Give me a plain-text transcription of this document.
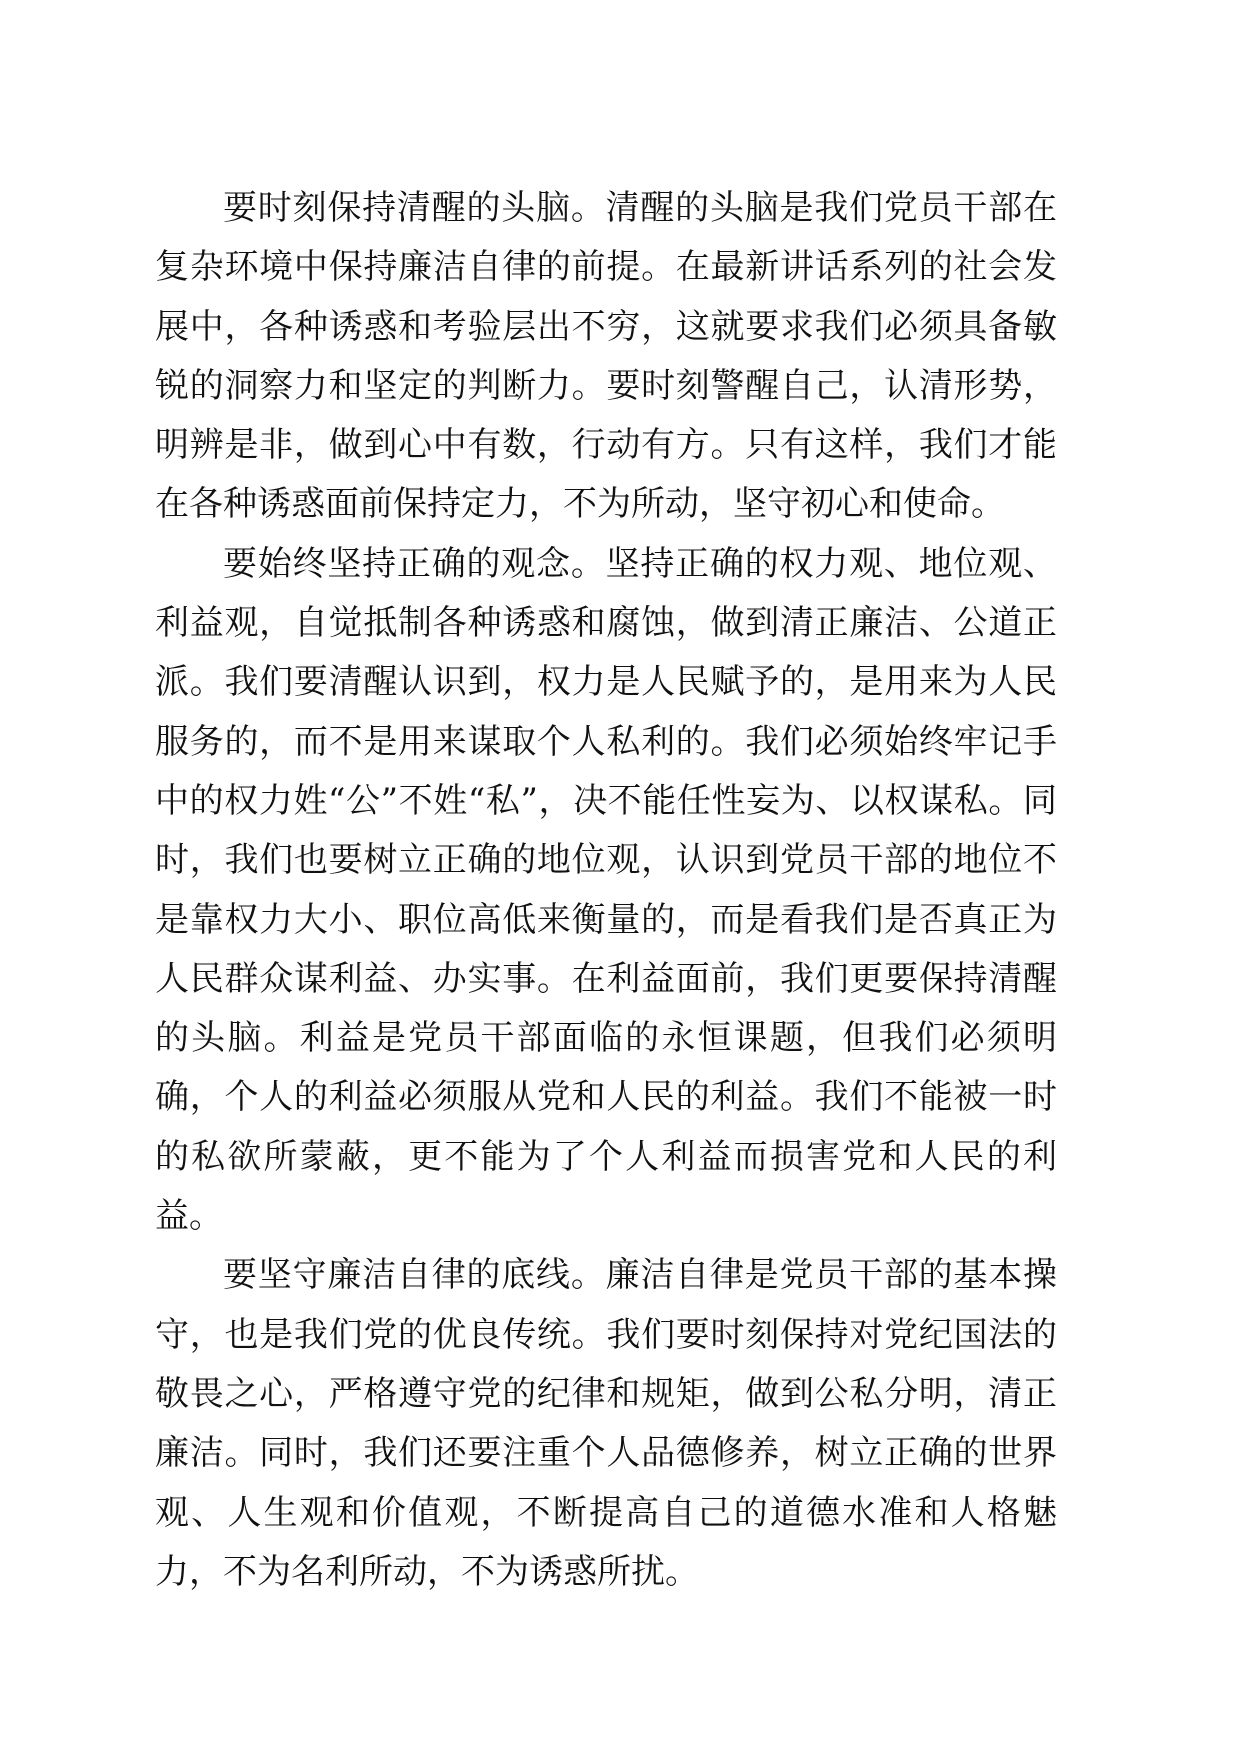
要时刻保持清醒的头脑。清醒的头脑是我们党员干部在复杂环境中保持廉洁自律的前提。在最新讲话系列的社会发展中，各种诱惑和考验层出不穷，这就要求我们必须具备敏锐的洞察力和坚定的判断力。要时刻警醒自己，认清形势，明辨是非，做到心中有数，行动有方。只有这样，我们才能在各种诱惑面前保持定力，不为所动，坚守初心和使命。

要始终坚持正确的观念。坚持正确的权力观、地位观、利益观，自觉抵制各种诱惑和腐蚀，做到清正廉洁、公道正派。我们要清醒认识到，权力是人民赋予的，是用来为人民服务的，而不是用来谋取个人私利的。我们必须始终牢记手中的权力姓“公”不姓“私”，决不能任性妄为、以权谋私。同时，我们也要树立正确的地位观，认识到党员干部的地位不是靠权力大小、职位高低来衡量的，而是看我们是否真正为人民群众谋利益、办实事。在利益面前，我们更要保持清醒的头脑。利益是党员干部面临的永恒课题，但我们必须明确，个人的利益必须服从党和人民的利益。我们不能被一时的私欲所蒙蔽，更不能为了个人利益而损害党和人民的利益。

要坚守廉洁自律的底线。廉洁自律是党员干部的基本操守，也是我们党的优良传统。我们要时刻保持对党纪国法的敬畏之心，严格遵守党的纪律和规矩，做到公私分明，清正廉洁。同时，我们还要注重个人品德修养，树立正确的世界观、人生观和价值观，不断提高自己的道德水准和人格魅力，不为名利所动，不为诱惑所扰。
